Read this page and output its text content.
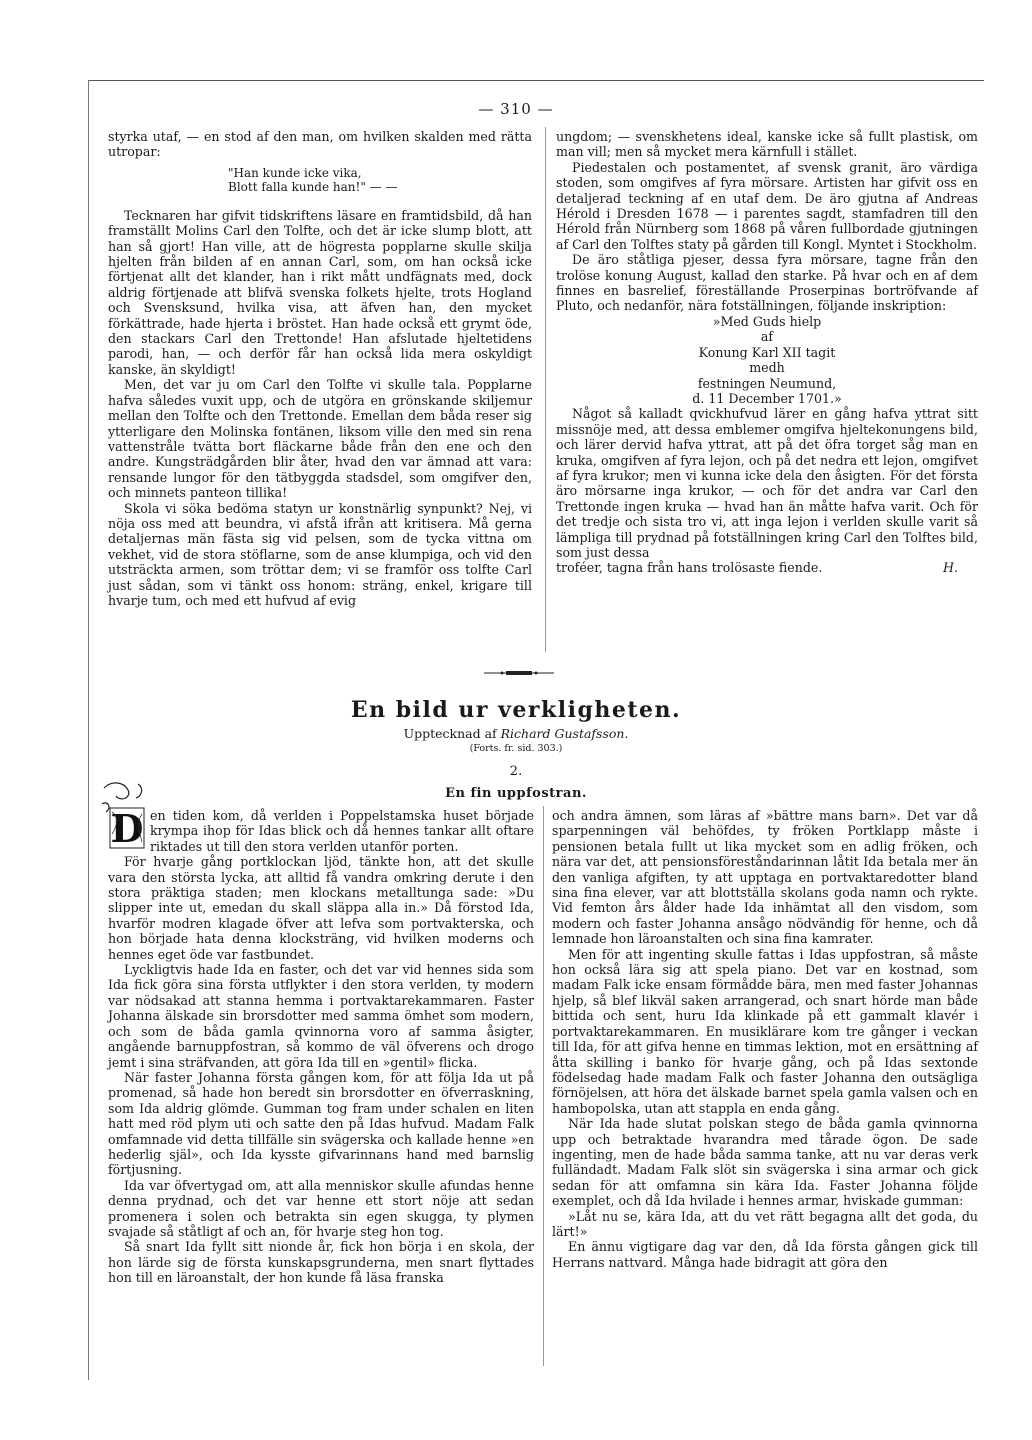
— 310 —

styrka utaf, — en stod af den man, om hvilken skalden med rätta utropar:

"Han kunde icke vika,
Blott falla kunde han!" — —

Tecknaren har gifvit tidskriftens läsare en framtidsbild, då han framställt Molins Carl den Tolfte, och det är icke slump blott, att han så gjort! Han ville, att de högresta popplarne skulle skilja hjelten från bilden af en annan Carl, som, om han också icke förtjenat allt det klander, han i rikt mått undfägnats med, dock aldrig förtjenade att blifvä svenska folkets hjelte, trots Hogland och Svensksund, hvilka visa, att äfven han, den mycket förkättrade, hade hjerta i bröstet. Han hade också ett grymt öde, den stackars Carl den Trettonde! Han afslutade hjeltetidens parodi, han, — och derför får han också lida mera oskyldigt kanske, än skyldigt!

Men, det var ju om Carl den Tolfte vi skulle tala. Popplarne hafva således vuxit upp, och de utgöra en grönskande skiljemur mellan den Tolfte och den Trettonde. Emellan dem båda reser sig ytterligare den Molinska fontänen, liksom ville den med sin rena vattenstråle tvätta bort fläckarne både från den ene och den andre. Kungsträdgården blir åter, hvad den var ämnad att vara: rensande lungor för den tätbyggda stadsdel, som omgifver den, och minnets panteon tillika!

Skola vi söka bedöma statyn ur konstnärlig synpunkt? Nej, vi nöja oss med att beundra, vi afstå ifrån att kritisera. Må gerna detaljernas män fästa sig vid pelsen, som de tycka vittna om vekhet, vid de stora stöflarne, som de anse klumpiga, och vid den utsträckta armen, som tröttar dem; vi se framför oss tolfte Carl just sådan, som vi tänkt oss honom: sträng, enkel, krigare till hvarje tum, och med ett hufvud af evig

ungdom; — svenskhetens ideal, kanske icke så fullt plastisk, om man vill; men så mycket mera kärnfull i stället.

Piedestalen och postamentet, af svensk granit, äro värdiga stoden, som omgifves af fyra mörsare. Artisten har gifvit oss en detaljerad teckning af en utaf dem. De äro gjutna af Andreas Hérold i Dresden 1678 — i parentes sagdt, stamfadren till den Hérold från Nürnberg som 1868 på våren fullbordade gjutningen af Carl den Tolftes staty på gården till Kongl. Myntet i Stockholm.

De äro ståtliga pjeser, dessa fyra mörsare, tagne från den trolöse konung August, kallad den starke. På hvar och en af dem finnes en basrelief, föreställande Proserpinas bortröfvande af Pluto, och nedanför, nära fotställningen, följande inskription:

»Med Guds hielp
af
Konung Karl XII tagit
medh
festningen Neumund,
d. 11 December 1701.»

Något så kalladt qvickhufvud lärer en gång hafva yttrat sitt missnöje med, att dessa emblemer omgifva hjeltekonungens bild, och lärer dervid hafva yttrat, att på det öfra torget såg man en kruka, omgifven af fyra lejon, och på det nedra ett lejon, omgifvet af fyra krukor; men vi kunna icke dela den åsigten. För det första äro mörsarne inga krukor, — och för det andra var Carl den Trettonde ingen kruka — hvad han än måtte hafva varit. Och för det tredje och sista tro vi, att inga lejon i verlden skulle varit så lämpliga till prydnad på fotställningen kring Carl den Tolftes bild, som just dessa

troféer, tagna från hans trolösaste fiende.	H.
En bild ur verkligheten.
Upptecknad af Richard Gustafsson.
(Forts. fr. sid. 303.)
2.
En fin uppfostran.

D en tiden kom, då verlden i Poppelstamska huset började krympa ihop för Idas blick och då hennes tankar allt oftare riktades ut till den stora verlden utanför porten.

För hvarje gång portklockan ljöd, tänkte hon, att det skulle vara den största lycka, att alltid få vandra omkring derute i den stora präktiga staden; men klockans metalltunga sade: »Du slipper inte ut, emedan du skall släppa alla in.» Då förstod Ida, hvarför modren klagade öfver att lefva som portvakterska, och hon började hata denna klocksträng, vid hvilken moderns och hennes eget öde var fastbundet.

Lyckligtvis hade Ida en faster, och det var vid hennes sida som Ida fick göra sina första utflykter i den stora verlden, ty modern var nödsakad att stanna hemma i portvaktarekammaren. Faster Johanna älskade sin brorsdotter med samma ömhet som modern, och som de båda gamla qvinnorna voro af samma åsigter, angående barnuppfostran, så kommo de väl öfverens och drogo jemt i sina sträfvanden, att göra Ida till en »gentil» flicka.

När faster Johanna första gången kom, för att följa Ida ut på promenad, så hade hon beredt sin brorsdotter en öfverraskning, som Ida aldrig glömde. Gumman tog fram under schalen en liten hatt med röd plym uti och satte den på Idas hufvud. Madam Falk omfamnade vid detta tillfälle sin svägerska och kallade henne »en hederlig själ», och Ida kysste gifvarinnans hand med barnslig förtjusning.

Ida var öfvertygad om, att alla menniskor skulle afundas henne denna prydnad, och det var henne ett stort nöje att sedan promenera i solen och betrakta sin egen skugga, ty plymen svajade så ståtligt af och an, för hvarje steg hon tog.

Så snart Ida fyllt sitt nionde år, fick hon börja i en skola, der hon lärde sig de första kunskapsgrunderna, men snart flyttades hon till en läroanstalt, der hon kunde få läsa franska

och andra ämnen, som läras af »bättre mans barn». Det var då sparpenningen väl behöfdes, ty fröken Portklapp måste i pensionen betala fullt ut lika mycket som en adlig fröken, och nära var det, att pensionsföreståndarinnan låtit Ida betala mer än den vanliga afgiften, ty att upptaga en portvaktaredotter bland sina fina elever, var att blottställa skolans goda namn och rykte. Vid femton års ålder hade Ida inhämtat all den visdom, som modern och faster Johanna ansågo nödvändig för henne, och då lemnade hon läroanstalten och sina fina kamrater.

Men för att ingenting skulle fattas i Idas uppfostran, så måste hon också lära sig att spela piano. Det var en kostnad, som madam Falk icke ensam förmådde bära, men med faster Johannas hjelp, så blef likväl saken arrangerad, och snart hörde man både bittida och sent, huru Ida klinkade på ett gammalt klavér i portvaktarekammaren. En musiklärare kom tre gånger i veckan till Ida, för att gifva henne en timmas lektion, mot en ersättning af åtta skilling i banko för hvarje gång, och på Idas sextonde födelsedag hade madam Falk och faster Johanna den outsägliga förnöjelsen, att höra det älskade barnet spela gamla valsen och en hambopolska, utan att stappla en enda gång.

När Ida hade slutat polskan stego de båda gamla qvinnorna upp och betraktade hvarandra med tårade ögon. De sade ingenting, men de hade båda samma tanke, att nu var deras verk fulländadt. Madam Falk slöt sin svägerska i sina armar och gick sedan för att omfamna sin kära Ida. Faster Johanna följde exemplet, och då Ida hvilade i hennes armar, hviskade gumman:

»Låt nu se, kära Ida, att du vet rätt begagna allt det goda, du lärt!»

En ännu vigtigare dag var den, då Ida första gången gick till Herrans nattvard. Många hade bidragit att göra den
